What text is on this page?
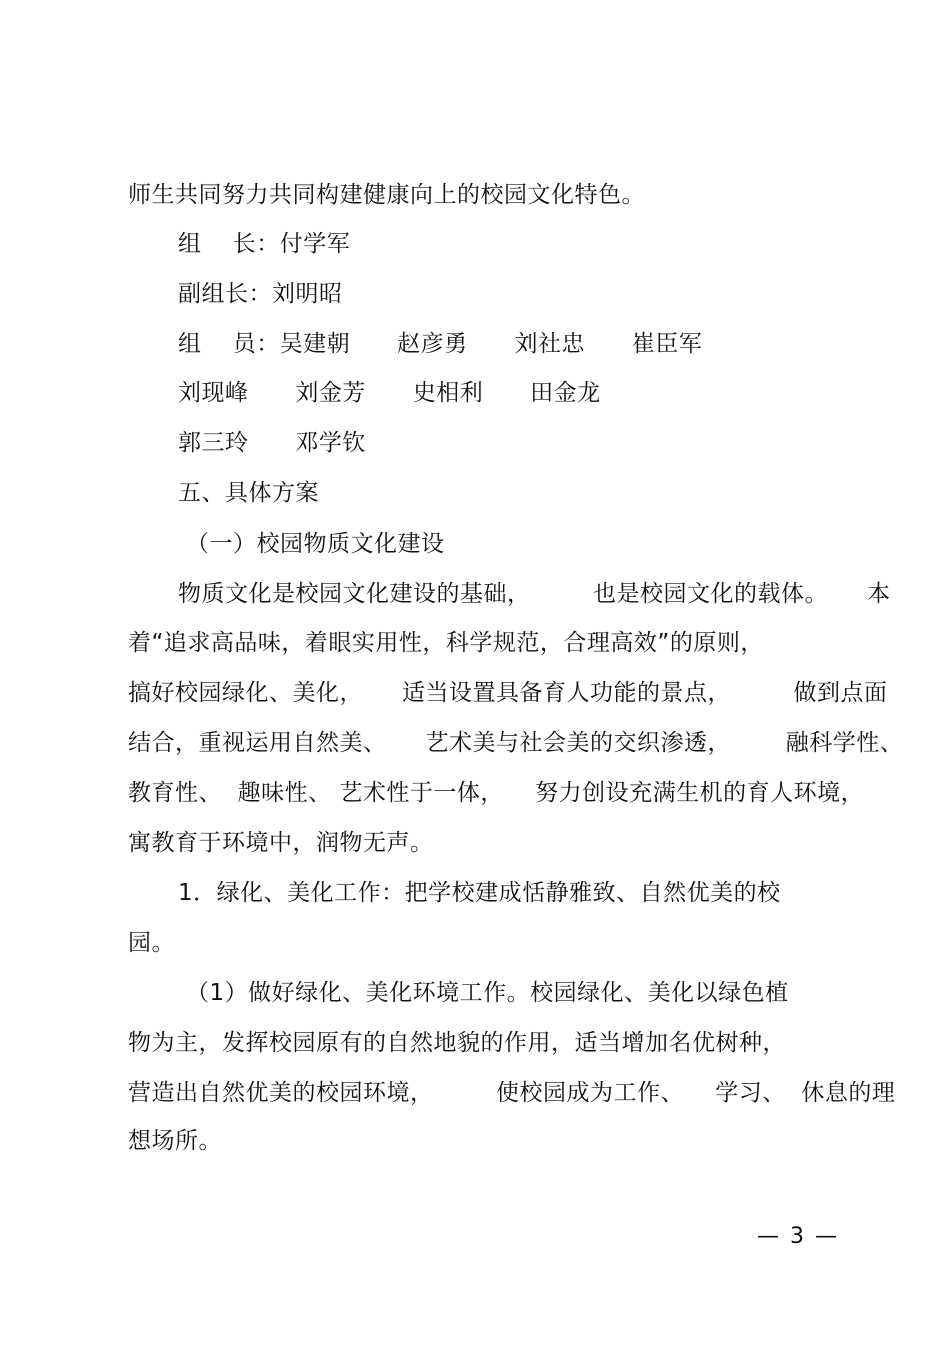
师生共同努力共同构建健康向上的校园文化特色。
组    长：付学军
副组长：刘明昭
组    员：吴建朝      赵彦勇      刘社忠      崔臣军
刘现峰      刘金芳      史相利      田金龙
郭三玲      邓学钦
五、具体方案
（一）校园物质文化建设
物质文化是校园文化建设的基础，        也是校园文化的载体。     本
着“追求高品味，着眼实用性，科学规范，合理高效”的原则，
搞好校园绿化、美化，     适当设置具备育人功能的景点，        做到点面
结合，重视运用自然美、     艺术美与社会美的交织渗透，       融科学性、
教育性、  趣味性、 艺术性于一体，    努力创设充满生机的育人环境，
寓教育于环境中，润物无声。
1．绿化、美化工作：把学校建成恬静雅致、自然优美的校
园。
（1）做好绿化、美化环境工作。校园绿化、美化以绿色植
物为主，发挥校园原有的自然地貌的作用，适当增加名优树种，
营造出自然优美的校园环境，        使校园成为工作、    学习、  休息的理
想场所。
— 3 —
